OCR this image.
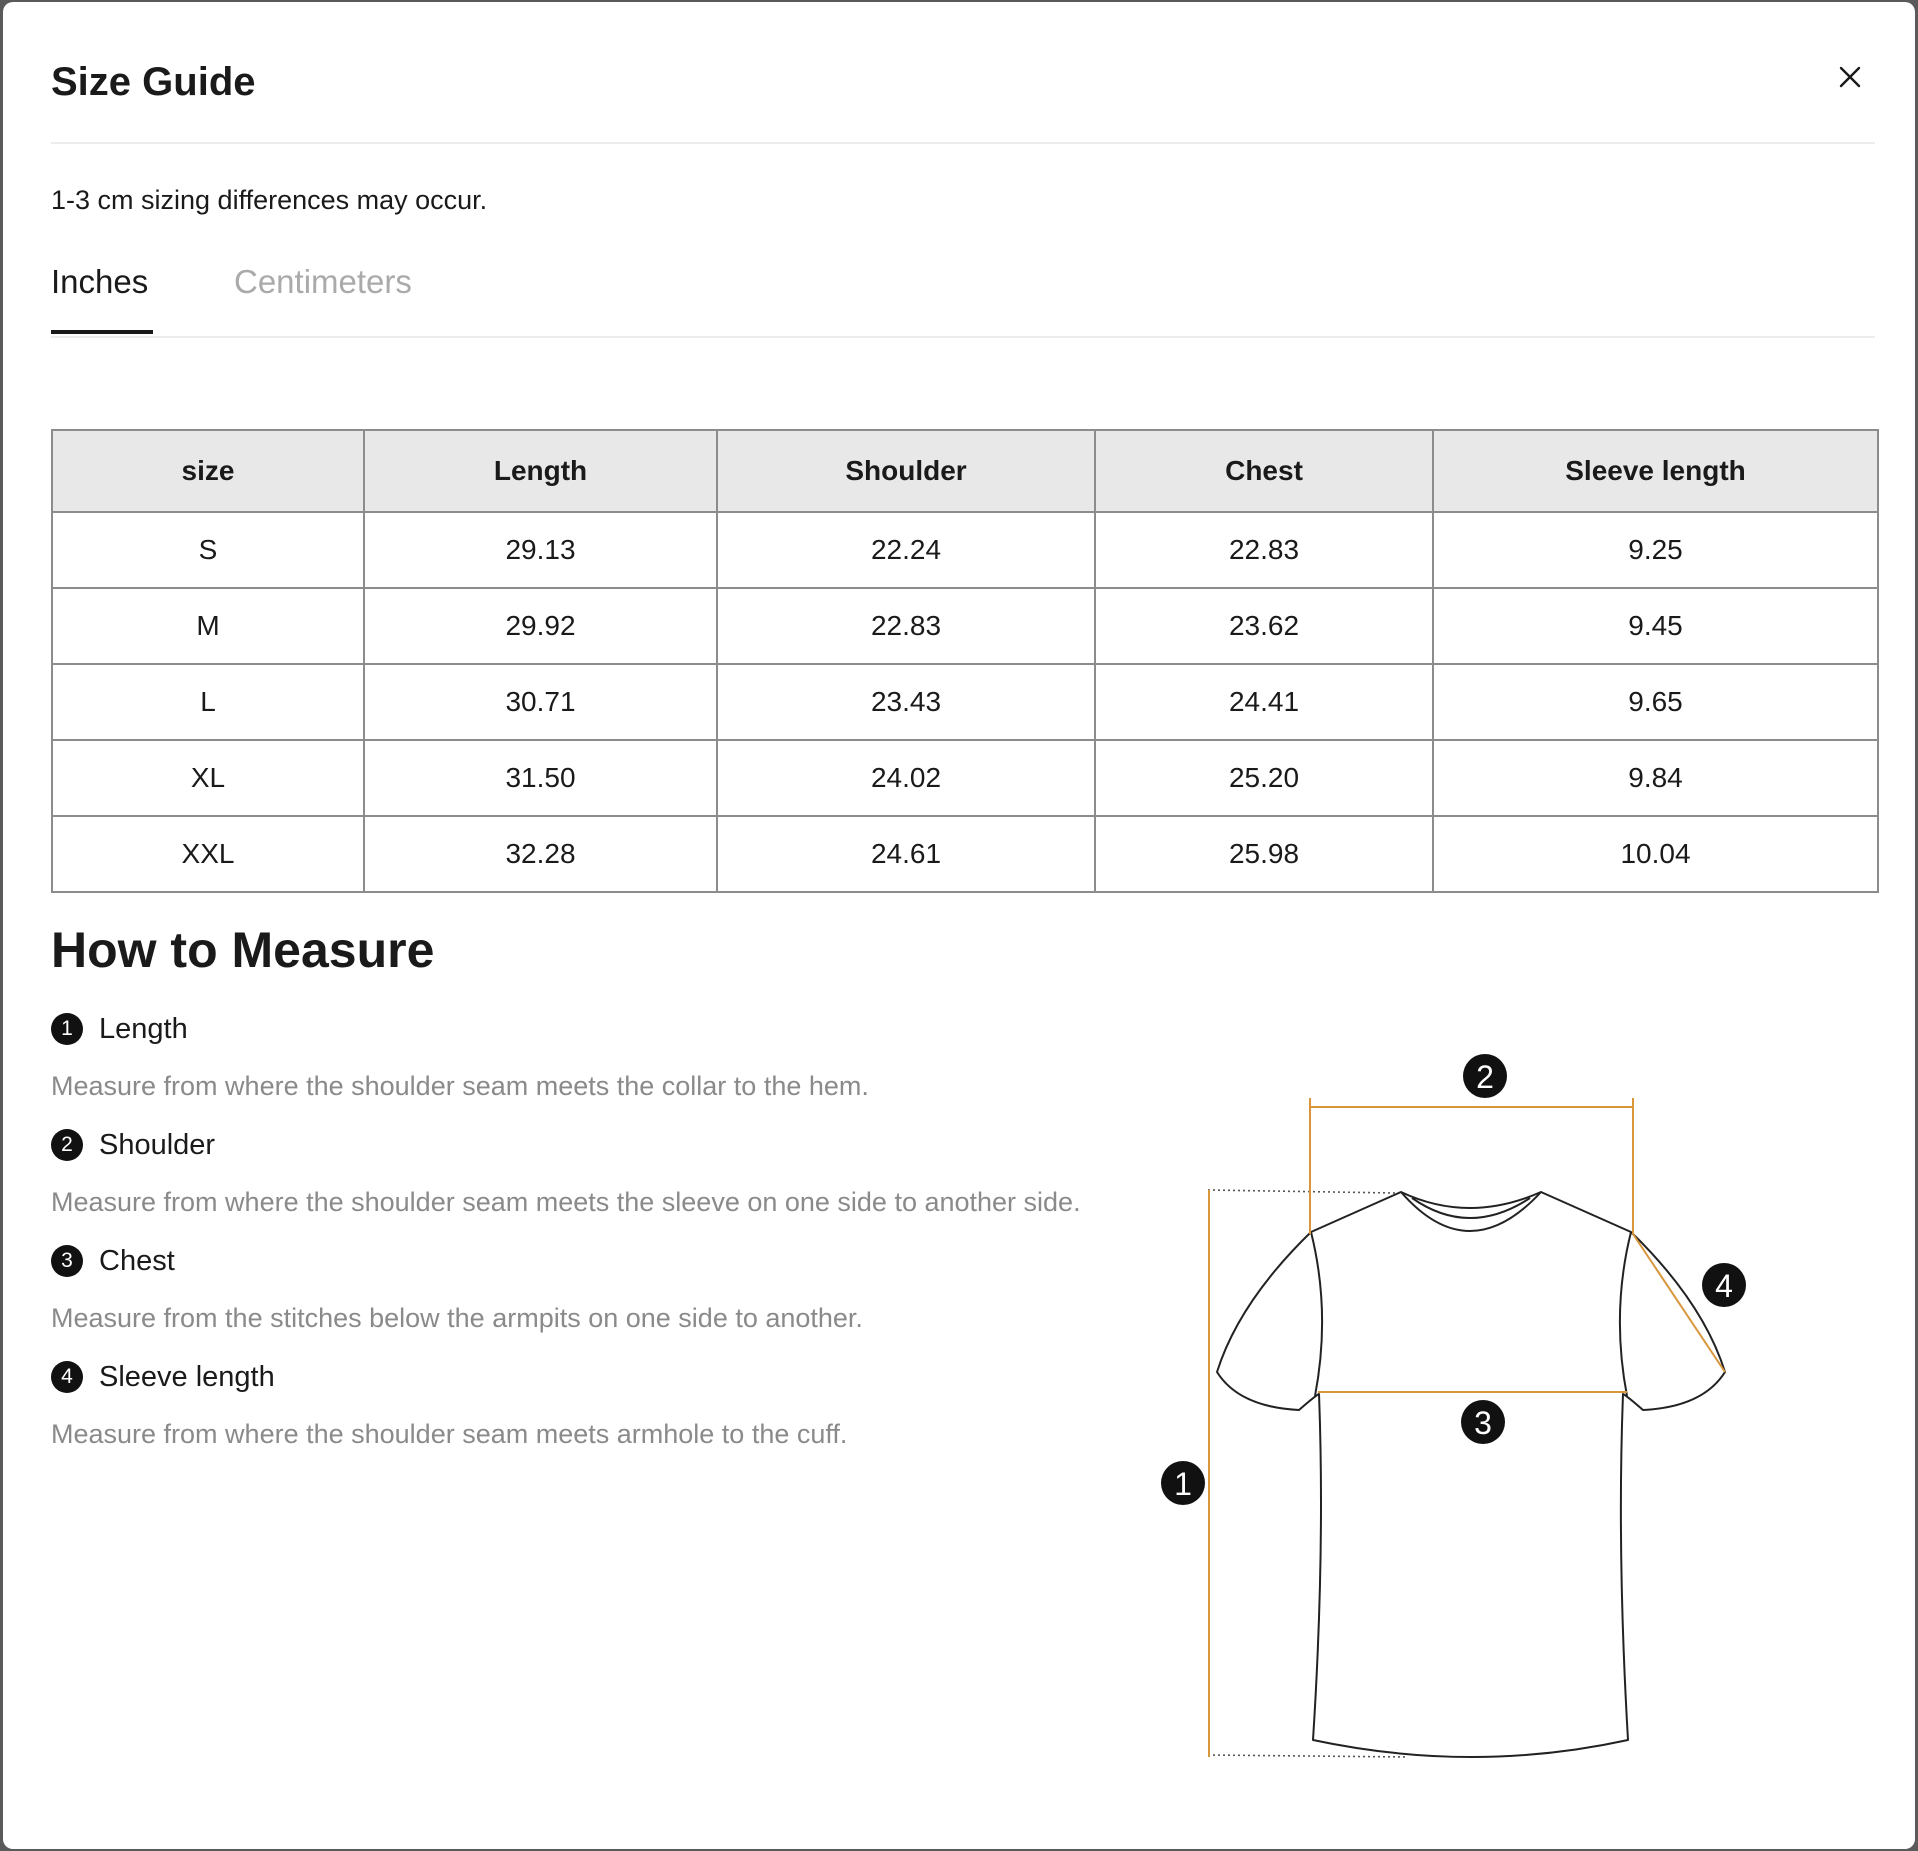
Size Guide
1-3 cm sizing differences may occur.
Inches	Centimeters
size	Length	Shoulder	Chest	Sleeve length
S	29.13	22.24	22.83	9.25
M	29.92	22.83	23.62	9.45
L	30.71	23.43	24.41	9.65
XL	31.50	24.02	25.20	9.84
XXL	32.28	24.61	25.98	10.04
How to Measure
1 Length
Measure from where the shoulder seam meets the collar to the hem.
2 Shoulder
Measure from where the shoulder seam meets the sleeve on one side to another side.
3 Chest
Measure from the stitches below the armpits on one side to another.
4 Sleeve length
Measure from where the shoulder seam meets armhole to the cuff.
1
2
3
4
